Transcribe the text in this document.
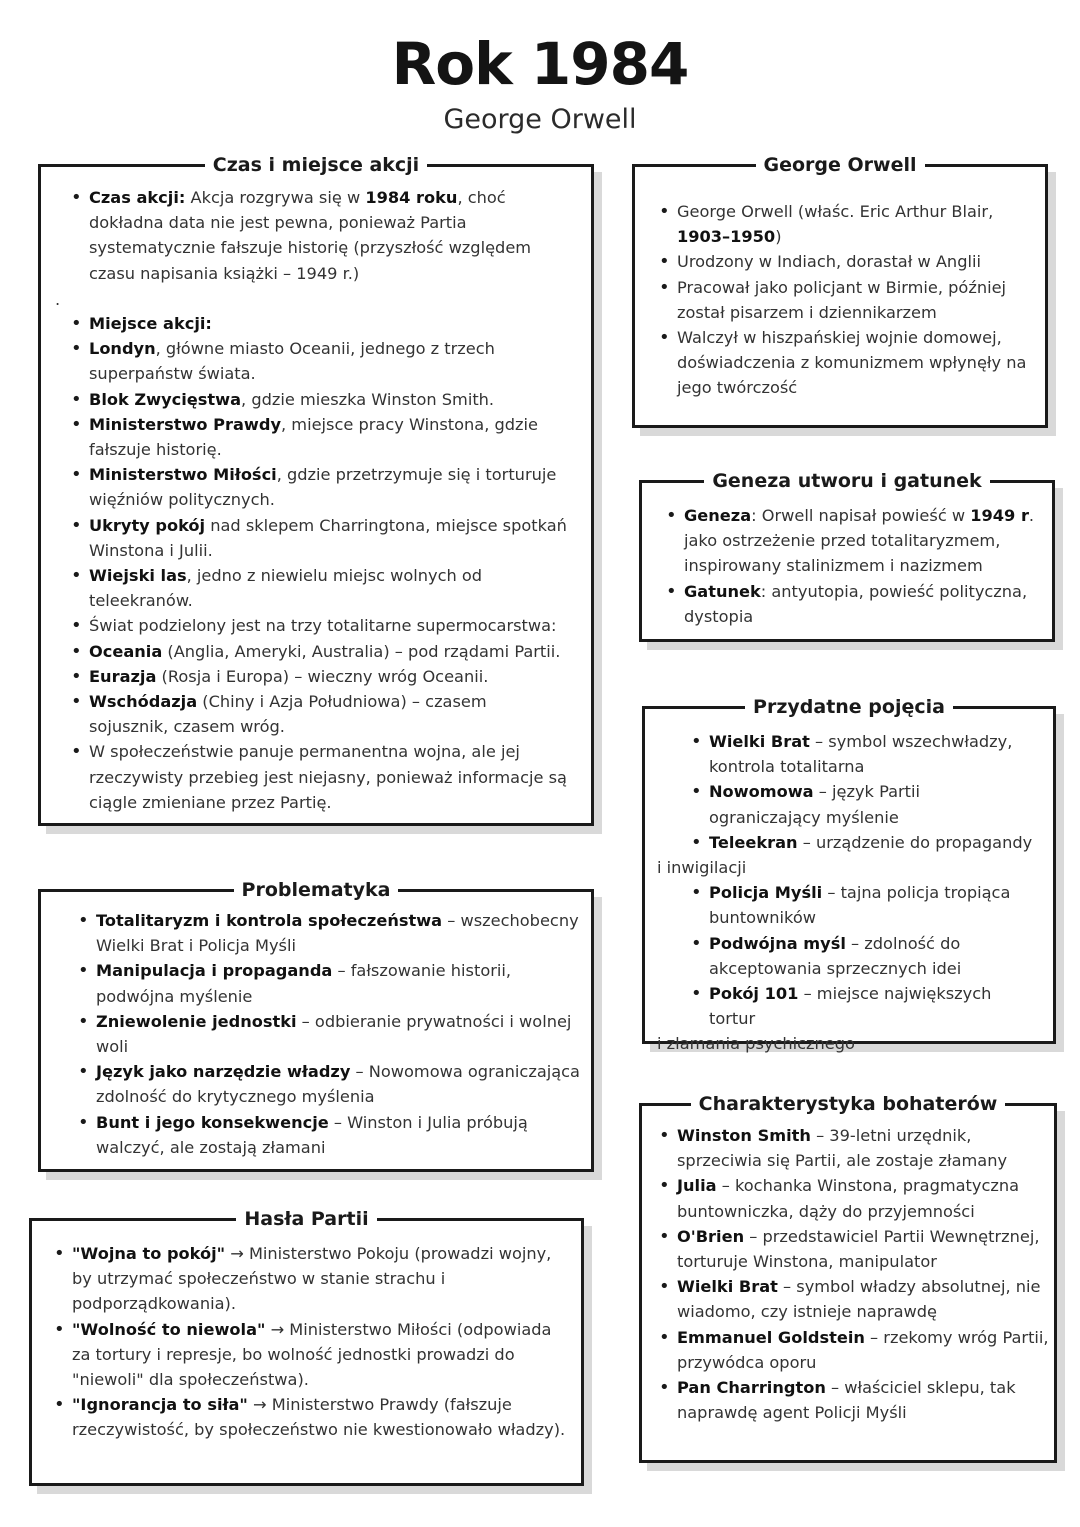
Rok 1984
George Orwell
Czas i miejsce akcji
• Czas akcji: Akcja rozgrywa się w 1984 roku, choć dokładna data nie jest pewna, ponieważ Partia systematycznie fałszuje historię (przyszłość względem czasu napisania książki – 1949 r.)
.
• Miejsce akcji:
• Londyn, główne miasto Oceanii, jednego z trzech superpaństw świata.
• Blok Zwycięstwa, gdzie mieszka Winston Smith.
• Ministerstwo Prawdy, miejsce pracy Winstona, gdzie fałszuje historię.
• Ministerstwo Miłości, gdzie przetrzymuje się i torturuje więźniów politycznych.
• Ukryty pokój nad sklepem Charringtona, miejsce spotkań Winstona i Julii.
• Wiejski las, jedno z niewielu miejsc wolnych od teleekranów.
• Świat podzielony jest na trzy totalitarne supermocarstwa:
• Oceania (Anglia, Ameryki, Australia) – pod rządami Partii.
• Eurazja (Rosja i Europa) – wieczny wróg Oceanii.
• Wschódazja (Chiny i Azja Południowa) – czasem sojusznik, czasem wróg.
• W społeczeństwie panuje permanentna wojna, ale jej rzeczywisty przebieg jest niejasny, ponieważ informacje są ciągle zmieniane przez Partię.
George Orwell
• George Orwell (właśc. Eric Arthur Blair, 1903–1950)
• Urodzony w Indiach, dorastał w Anglii
• Pracował jako policjant w Birmie, później został pisarzem i dziennikarzem
• Walczył w hiszpańskiej wojnie domowej, doświadczenia z komunizmem wpłynęły na jego twórczość
Geneza utworu i gatunek
• Geneza: Orwell napisał powieść w 1949 r. jako ostrzeżenie przed totalitaryzmem, inspirowany stalinizmem i nazizmem
• Gatunek: antyutopia, powieść polityczna, dystopia
Przydatne pojęcia
• Wielki Brat – symbol wszechwładzy, kontrola totalitarna
• Nowomowa – język Partii ograniczający myślenie
• Teleekran – urządzenie do propagandy
i inwigilacji
• Policja Myśli – tajna policja tropiąca buntowników
• Podwójna myśl – zdolność do akceptowania sprzecznych idei
• Pokój 101 – miejsce największych tortur
i złamania psychicznego
Problematyka
• Totalitaryzm i kontrola społeczeństwa – wszechobecny Wielki Brat i Policja Myśli
• Manipulacja i propaganda – fałszowanie historii, podwójna myślenie
• Zniewolenie jednostki – odbieranie prywatności i wolnej woli
• Język jako narzędzie władzy – Nowomowa ograniczająca zdolność do krytycznego myślenia
• Bunt i jego konsekwencje – Winston i Julia próbują walczyć, ale zostają złamani
Hasła Partii
• "Wojna to pokój" → Ministerstwo Pokoju (prowadzi wojny, by utrzymać społeczeństwo w stanie strachu i podporządkowania).
• "Wolność to niewola" → Ministerstwo Miłości (odpowiada za tortury i represje, bo wolność jednostki prowadzi do "niewoli" dla społeczeństwa).
• "Ignorancja to siła" → Ministerstwo Prawdy (fałszuje rzeczywistość, by społeczeństwo nie kwestionowało władzy).
Charakterystyka bohaterów
• Winston Smith – 39-letni urzędnik, sprzeciwia się Partii, ale zostaje złamany
• Julia – kochanka Winstona, pragmatyczna buntowniczka, dąży do przyjemności
• O'Brien – przedstawiciel Partii Wewnętrznej, torturuje Winstona, manipulator
• Wielki Brat – symbol władzy absolutnej, nie wiadomo, czy istnieje naprawdę
• Emmanuel Goldstein – rzekomy wróg Partii, przywódca oporu
• Pan Charrington – właściciel sklepu, tak naprawdę agent Policji Myśli
